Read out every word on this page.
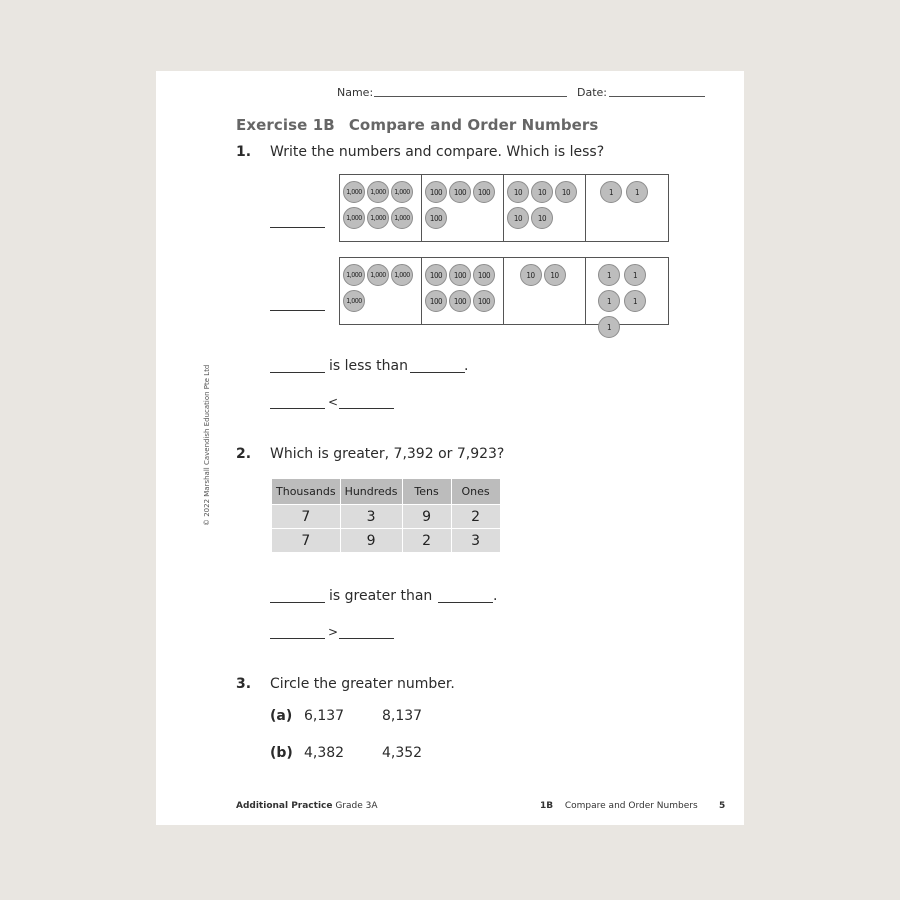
Name:	Date:
Exercise 1B Compare and Order Numbers
1. Write the numbers and compare. Which is less?
1,000	1,000	1,000
1,000	1,000	1,000
100	100	100
100
10	10	10
10	10
1	1
1,000	1,000	1,000
1,000
100	100	100
100	100	100
10	10	1	1
1	1
1
is less than	.
<
2. Which is greater, 7,392 or 7,923?
Thousands	Hundreds	Tens	Ones
7	3	9	2
7	9	2	3
is greater than	.
>
3. Circle the greater number.
(a) 6,137	8,137
(b) 4,382	4,352
© 2022 Marshall Cavendish Education Pte Ltd
Additional Practice Grade 3A	1B Compare and Order Numbers 5
